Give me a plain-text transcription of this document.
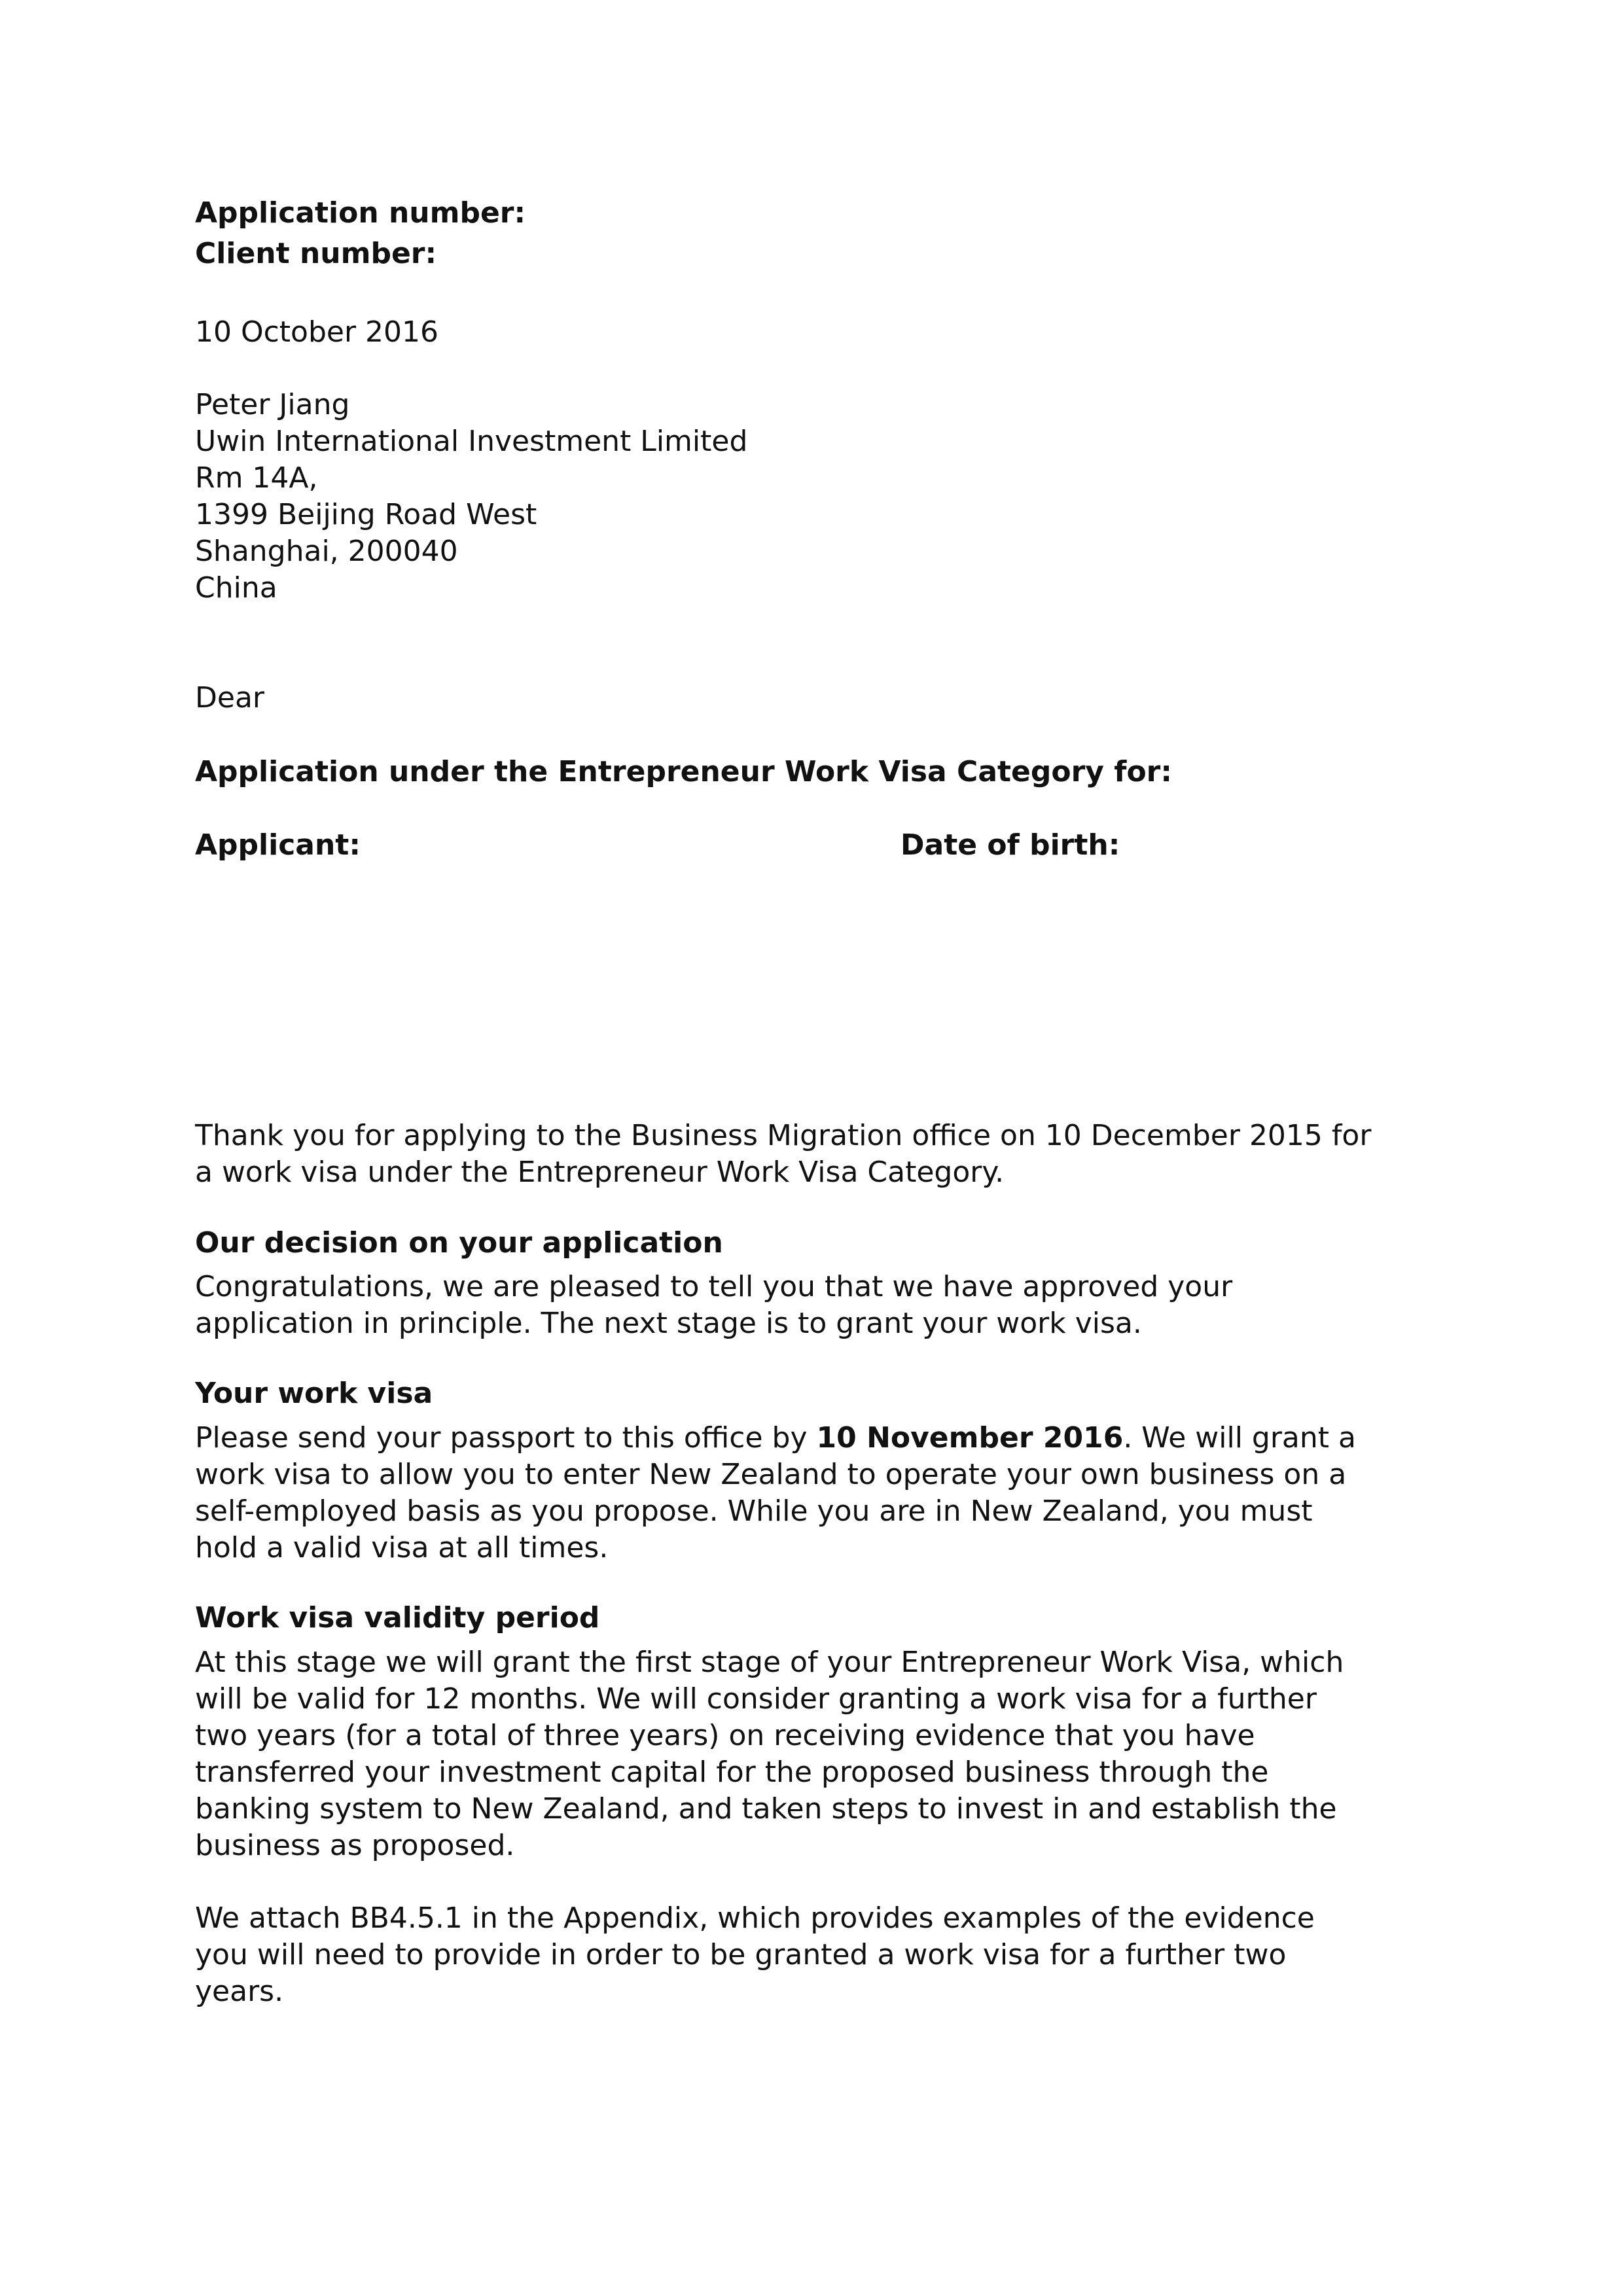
Application number:
Client number:
10 October 2016
Peter Jiang
Uwin International Investment Limited
Rm 14A,
1399 Beijing Road West
Shanghai, 200040
China
Dear
Application under the Entrepreneur Work Visa Category for:
Applicant:	Date of birth:
Thank you for applying to the Business Migration office on 10 December 2015 for
a work visa under the Entrepreneur Work Visa Category.
Our decision on your application
Congratulations, we are pleased to tell you that we have approved your
application in principle. The next stage is to grant your work visa.
Your work visa
Please send your passport to this office by 10 November 2016. We will grant a
work visa to allow you to enter New Zealand to operate your own business on a
self-employed basis as you propose. While you are in New Zealand, you must
hold a valid visa at all times.
Work visa validity period
At this stage we will grant the first stage of your Entrepreneur Work Visa, which
will be valid for 12 months. We will consider granting a work visa for a further
two years (for a total of three years) on receiving evidence that you have
transferred your investment capital for the proposed business through the
banking system to New Zealand, and taken steps to invest in and establish the
business as proposed.
We attach BB4.5.1 in the Appendix, which provides examples of the evidence
you will need to provide in order to be granted a work visa for a further two
years.
